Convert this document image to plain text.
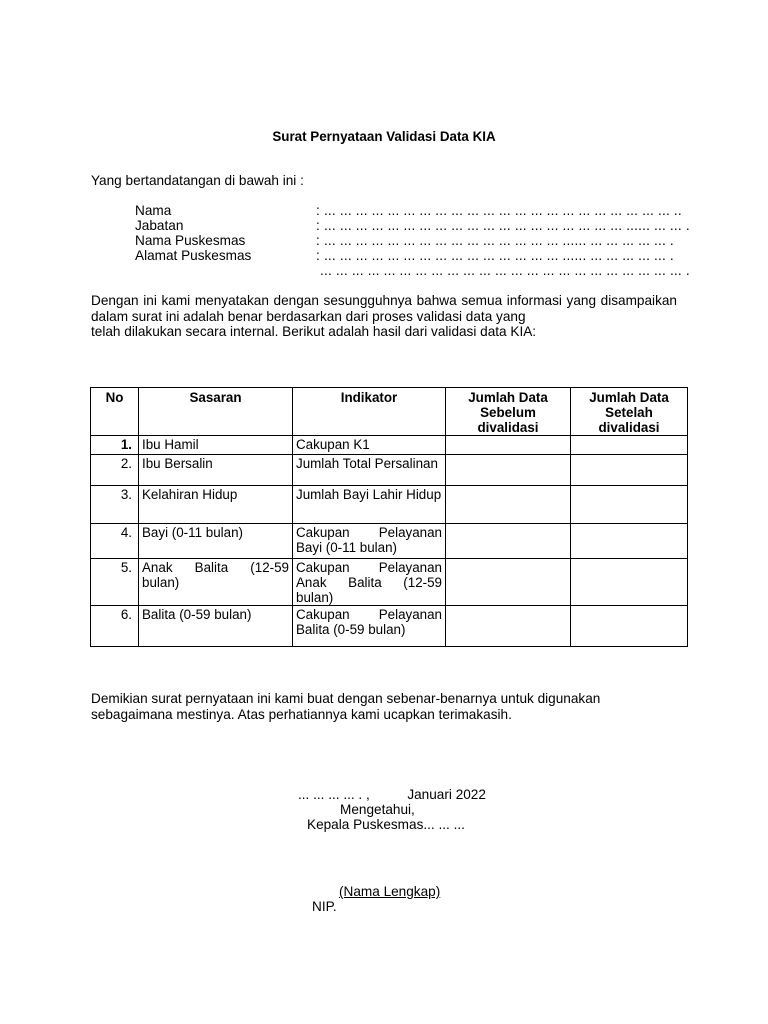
Surat Pernyataan Validasi Data KIA
Yang bertandatangan di bawah ini :
Nama	: ... ... ... ... ... ... ... ... ... ... ... ... ... ... ... ... ... ... ... ... ... ... ..
Jabatan	: ... ... ... ... ... ... ... ... ... ... ... ... ... ... ... ... ... ... ... ...... ... ... .
Nama Puskesmas	: ... ... ... ... ... ... ... ... ... ... ... ... ... ... ... ...... ... ... ... ... ... .
Alamat Puskesmas	: ... ... ... ... ... ... ... ... ... ... ... ... ... ... ... ...... ... ... ... ... ... .
... ... ... ... ... ... ... ... ... ... ... ... ... ... ... ... ... ... ... ... ... ... ... .
Dengan ini kami menyatakan dengan sesungguhnya bahwa semua informasi yang disampaikan dalam surat ini adalah benar berdasarkan dari proses validasi data yang
telah dilakukan secara internal. Berikut adalah hasil dari validasi data KIA:
No	Sasaran	Indikator	Jumlah Data Sebelum divalidasi	Jumlah Data Setelah divalidasi
1.	Ibu Hamil	Cakupan K1		
2.	Ibu Bersalin	Jumlah Total Persalinan		
3.	Kelahiran Hidup	Jumlah Bayi Lahir Hidup		
4.	Bayi (0-11 bulan)	Cakupan Pelayanan Bayi (0-11 bulan)		
5.	Anak Balita (12-59 bulan)	Cakupan Pelayanan Anak Balita (12-59 bulan)		
6.	Balita (0-59 bulan)	Cakupan Pelayanan Balita (0-59 bulan)		
Demikian surat pernyataan ini kami buat dengan sebenar-benarnya untuk digunakan
sebagaimana mestinya. Atas perhatiannya kami ucapkan terimakasih.
... ... ... ... . ,	Januari 2022
Mengetahui,
Kepala Puskesmas... ... ...
(Nama Lengkap)
NIP.
